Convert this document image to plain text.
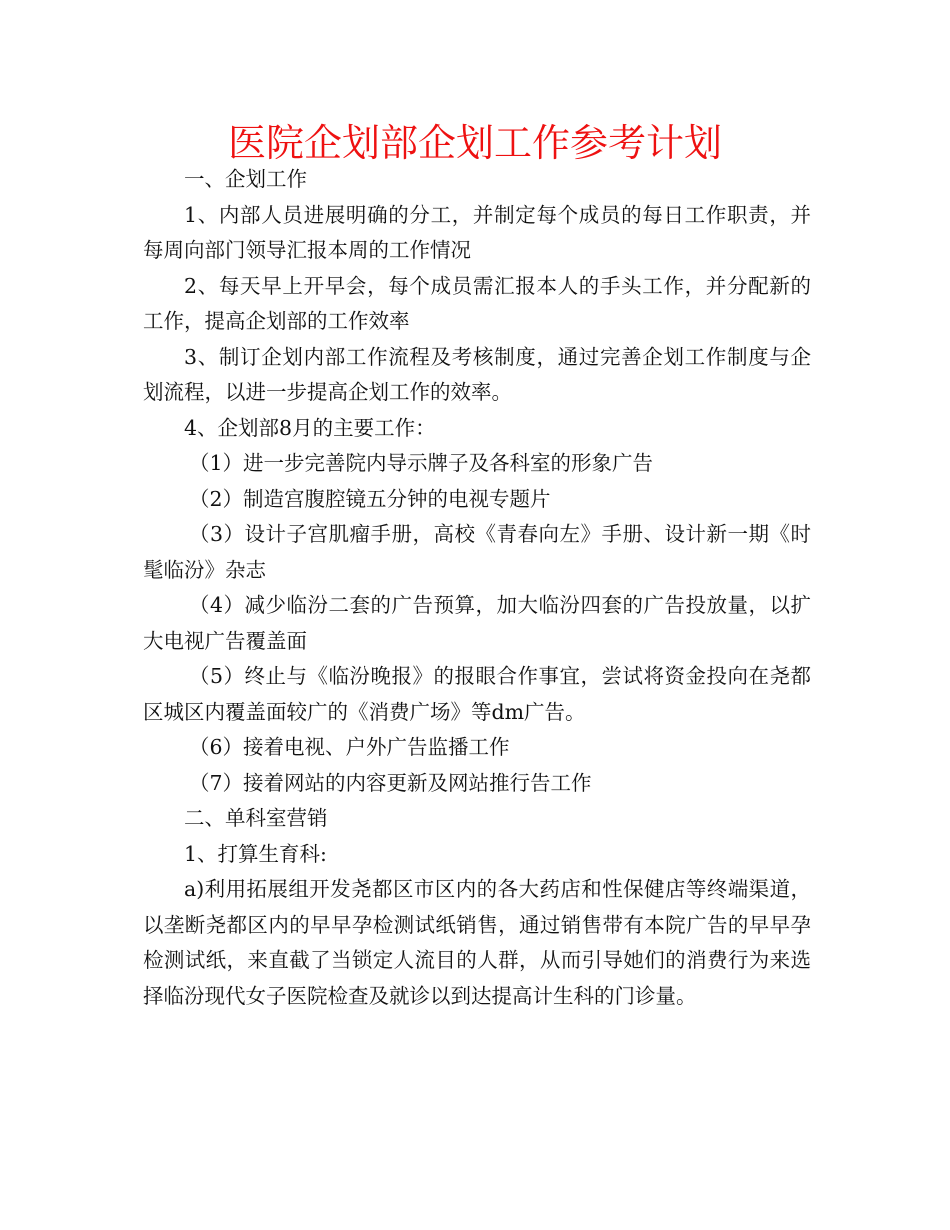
医院企划部企划工作参考计划

一、企划工作

1、内部人员进展明确的分工，并制定每个成员的每日工作职责，并每周向部门领导汇报本周的工作情况

2、每天早上开早会，每个成员需汇报本人的手头工作，并分配新的工作，提高企划部的工作效率

3、制订企划内部工作流程及考核制度，通过完善企划工作制度与企划流程，以进一步提高企划工作的效率。

4、企划部8月的主要工作：

（1）进一步完善院内导示牌子及各科室的形象广告

（2）制造宫腹腔镜五分钟的电视专题片

（3）设计子宫肌瘤手册，高校《青春向左》手册、设计新一期《时髦临汾》杂志

（4）减少临汾二套的广告预算，加大临汾四套的广告投放量，以扩大电视广告覆盖面

（5）终止与《临汾晚报》的报眼合作事宜，尝试将资金投向在尧都区城区内覆盖面较广的《消费广场》等dm广告。

（6）接着电视、户外广告监播工作

（7）接着网站的内容更新及网站推行告工作

二、单科室营销

1、打算生育科:

a)利用拓展组开发尧都区市区内的各大药店和性保健店等终端渠道，以垄断尧都区内的早早孕检测试纸销售，通过销售带有本院广告的早早孕检测试纸，来直截了当锁定人流目的人群，从而引导她们的消费行为来选择临汾现代女子医院检查及就诊以到达提高计生科的门诊量。
